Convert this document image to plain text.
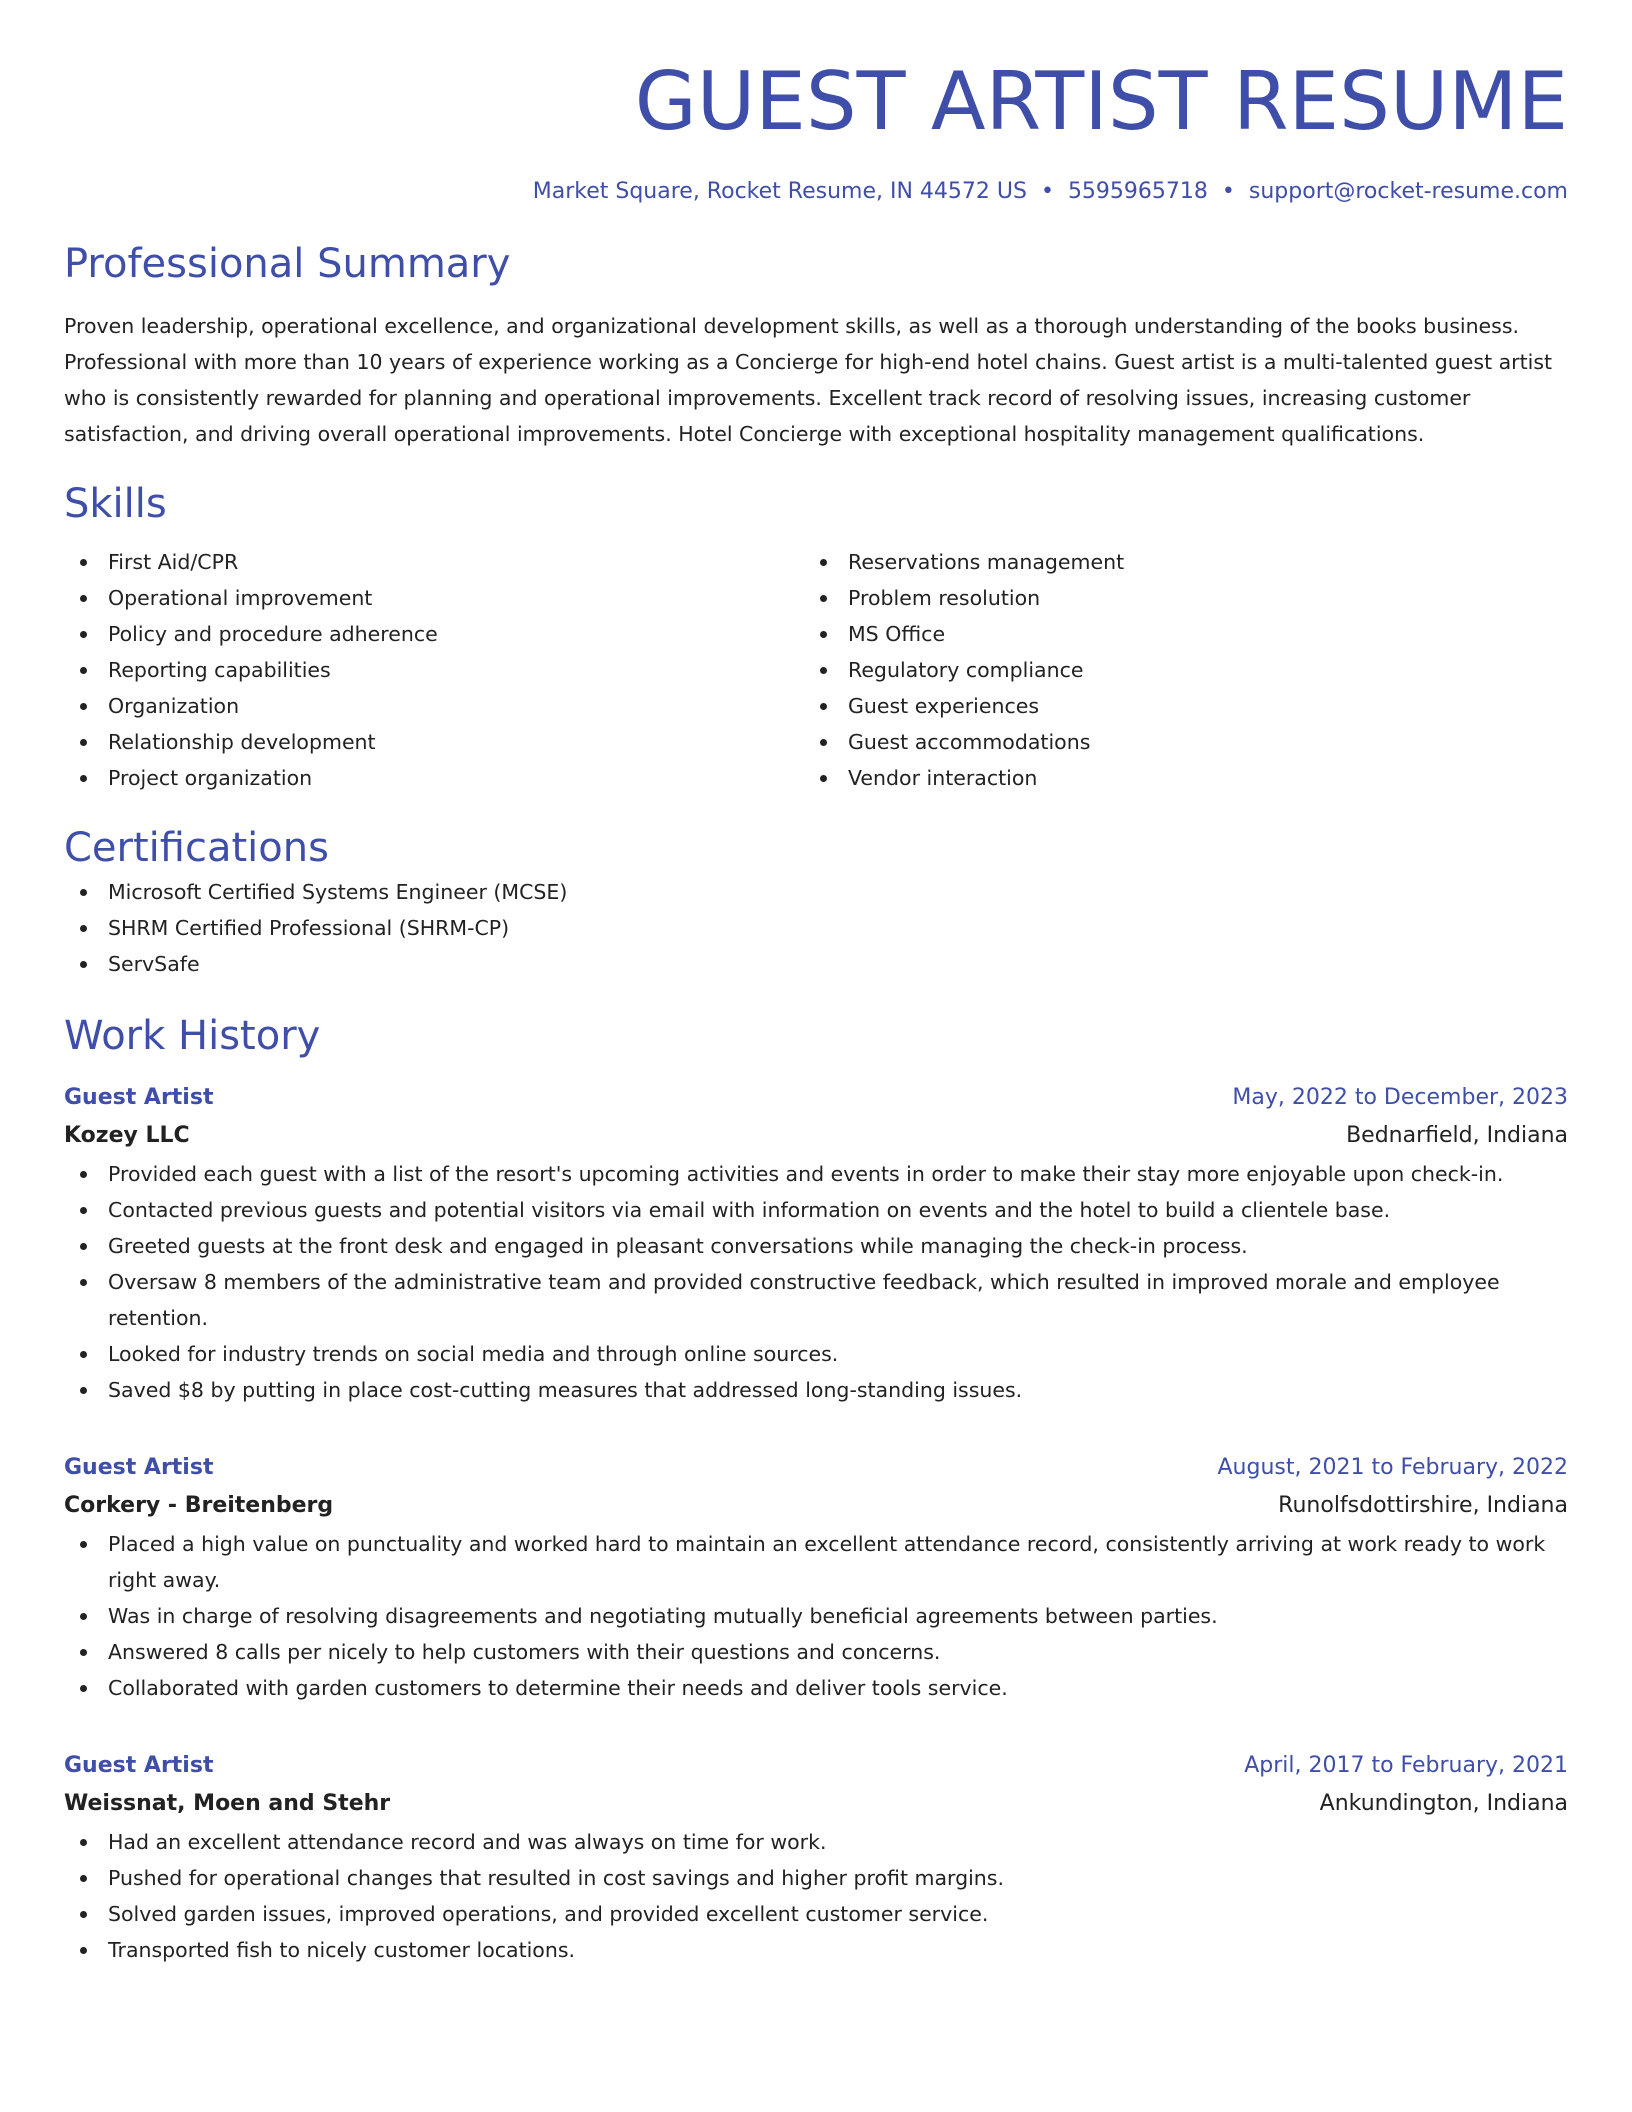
GUEST ARTIST RESUME
Market Square, Rocket Resume, IN 44572 US • 5595965718 • support@rocket-resume.com
Professional Summary

Proven leadership, operational excellence, and organizational development skills, as well as a thorough understanding of the books business. Professional with more than 10 years of experience working as a Concierge for high-end hotel chains. Guest artist is a multi-talented guest artist who is consistently rewarded for planning and operational improvements. Excellent track record of resolving issues, increasing customer satisfaction, and driving overall operational improvements. Hotel Concierge with exceptional hospitality management qualifications.

Skills
First Aid/CPR
Operational improvement
Policy and procedure adherence
Reporting capabilities
Organization
Relationship development
Project organization
Reservations management
Problem resolution
MS Office
Regulatory compliance
Guest experiences
Guest accommodations
Vendor interaction
Certifications
Microsoft Certified Systems Engineer (MCSE)
SHRM Certified Professional (SHRM-CP)
ServSafe
Work History
Guest Artist	May, 2022 to December, 2023
Kozey LLC	Bednarfield, Indiana
Provided each guest with a list of the resort's upcoming activities and events in order to make their stay more enjoyable upon check-in.
Contacted previous guests and potential visitors via email with information on events and the hotel to build a clientele base.
Greeted guests at the front desk and engaged in pleasant conversations while managing the check-in process.
Oversaw 8 members of the administrative team and provided constructive feedback, which resulted in improved morale and employee retention.
Looked for industry trends on social media and through online sources.
Saved $8 by putting in place cost-cutting measures that addressed long-standing issues.
Guest Artist	August, 2021 to February, 2022
Corkery - Breitenberg	Runolfsdottirshire, Indiana
Placed a high value on punctuality and worked hard to maintain an excellent attendance record, consistently arriving at work ready to work right away.
Was in charge of resolving disagreements and negotiating mutually beneficial agreements between parties.
Answered 8 calls per nicely to help customers with their questions and concerns.
Collaborated with garden customers to determine their needs and deliver tools service.
Guest Artist	April, 2017 to February, 2021
Weissnat, Moen and Stehr	Ankundington, Indiana
Had an excellent attendance record and was always on time for work.
Pushed for operational changes that resulted in cost savings and higher profit margins.
Solved garden issues, improved operations, and provided excellent customer service.
Transported fish to nicely customer locations.
